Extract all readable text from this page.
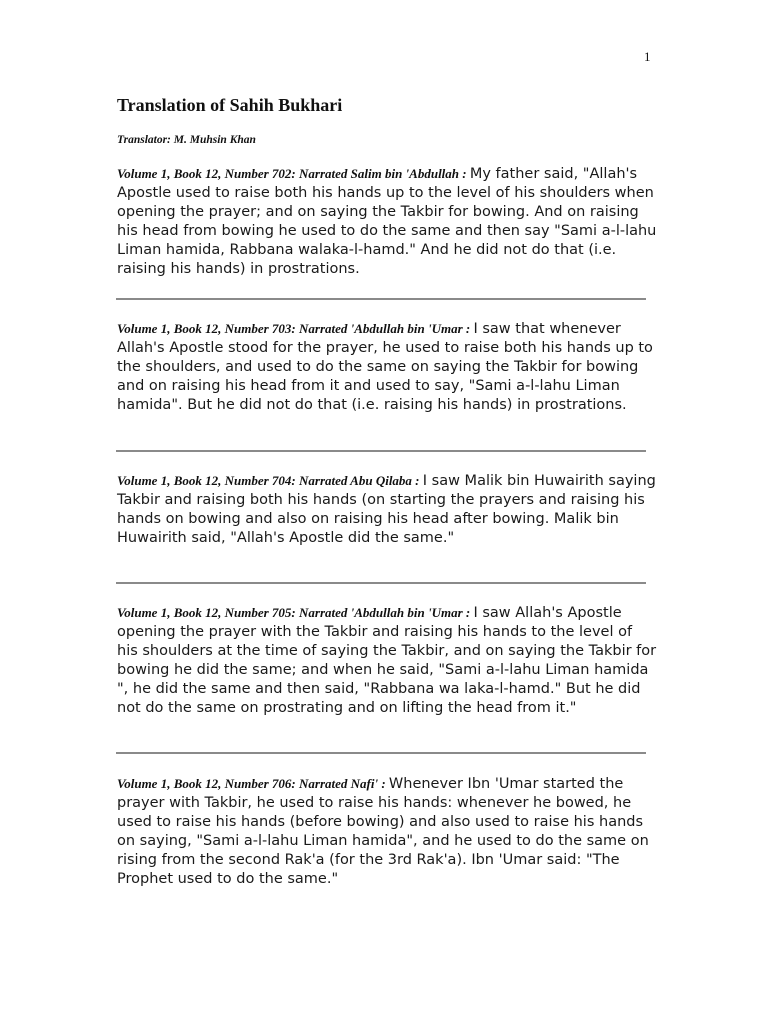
1
Translation of Sahih Bukhari
Translator: M. Muhsin Khan

Volume 1, Book 12, Number 702: Narrated Salim bin 'Abdullah : My father said, "Allah's Apostle used to raise both his hands up to the level of his shoulders when opening the prayer; and on saying the Takbir for bowing. And on raising his head from bowing he used to do the same and then say "Sami a-l-lahu Liman hamida, Rabbana walaka-l-hamd." And he did not do that (i.e. raising his hands) in prostrations.

Volume 1, Book 12, Number 703: Narrated 'Abdullah bin 'Umar : I saw that whenever Allah's Apostle stood for the prayer, he used to raise both his hands up to the shoulders, and used to do the same on saying the Takbir for bowing and on raising his head from it and used to say, "Sami a-l-lahu Liman hamida". But he did not do that (i.e. raising his hands) in prostrations.

Volume 1, Book 12, Number 704: Narrated Abu Qilaba : I saw Malik bin Huwairith saying Takbir and raising both his hands (on starting the prayers and raising his hands on bowing and also on raising his head after bowing. Malik bin Huwairith said, "Allah's Apostle did the same."

Volume 1, Book 12, Number 705: Narrated 'Abdullah bin 'Umar : I saw Allah's Apostle opening the prayer with the Takbir and raising his hands to the level of his shoulders at the time of saying the Takbir, and on saying the Takbir for bowing he did the same; and when he said, "Sami a-l-lahu Liman hamida ", he did the same and then said, "Rabbana wa laka-l-hamd." But he did not do the same on prostrating and on lifting the head from it."

Volume 1, Book 12, Number 706: Narrated Nafi' : Whenever Ibn 'Umar started the prayer with Takbir, he used to raise his hands: whenever he bowed, he used to raise his hands (before bowing) and also used to raise his hands on saying, "Sami a-l-lahu Liman hamida", and he used to do the same on rising from the second Rak'a (for the 3rd Rak'a). Ibn 'Umar said: "The Prophet used to do the same."
